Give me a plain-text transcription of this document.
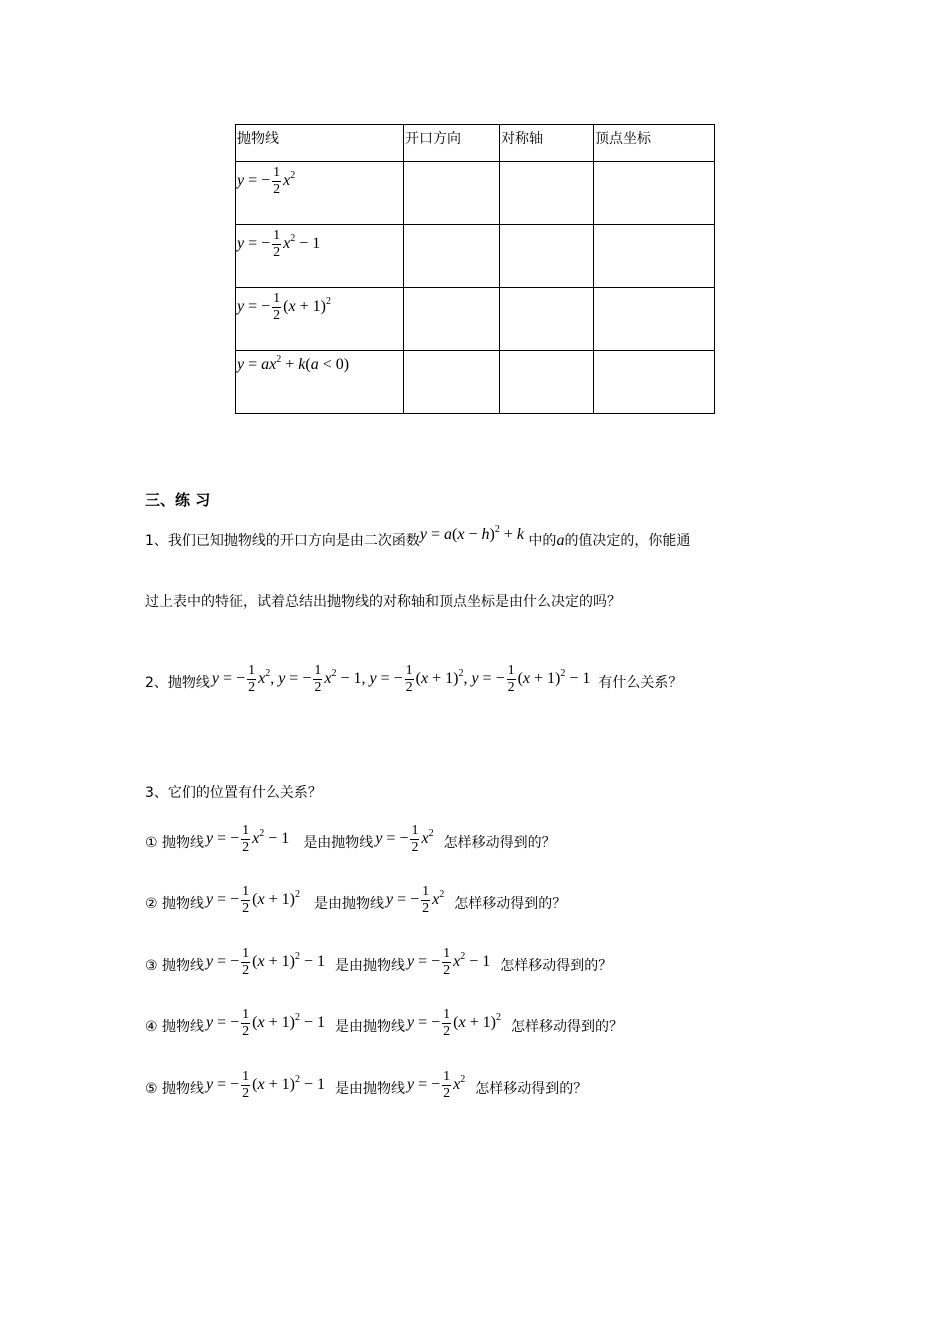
抛物线	开口方向	对称轴	顶点坐标

y = − $\frac{1}{2} x^2$

y = − $\frac{1}{2} x^2 - 1$			

y = − $\frac{1}{2} (x + 1)^2$

$y = ax^2 + k(a < 0)$			

三、练 习
1、我们已知抛物线的开口方向是由二次函数$y = a(x - h)^2 + k$ 中的a的值决定的，你能通
过上表中的特征，试着总结出抛物线的对称轴和顶点坐标是由什么决定的吗？
2、抛物线 y = − $\frac{1}{2} x^2$, y = − $\frac{1}{2} x^2 - 1$, y = − $\frac{1}{2} (x + 1)^2$, y = − $\frac{1}{2} (x + 1)^2 - 1$ 有什么关系？
3、它们的位置有什么关系？
① 抛物线 y = − $\frac{1}{2} x^2 - 1$ 是由抛物线 y = − $\frac{1}{2} x^2$怎样移动得到的？
② 抛物线 y = − $\frac{1}{2} (x + 1)^2$是由抛物线 y = − $\frac{1}{2} x^2$怎样移动得到的？
③ 抛物线 y = − $\frac{1}{2} (x + 1)^2 - 1$ 是由抛物线 y = − $\frac{1}{2} x^2 - 1$ 怎样移动得到的？
④ 抛物线 y = − $\frac{1}{2} (x + 1)^2 - 1$ 是由抛物线 y = − $\frac{1}{2} (x + 1)^2$怎样移动得到的？
⑤ 抛物线 y = − $\frac{1}{2} (x + 1)^2 - 1$ 是由抛物线 y = − $\frac{1}{2} x^2$怎样移动得到的？
